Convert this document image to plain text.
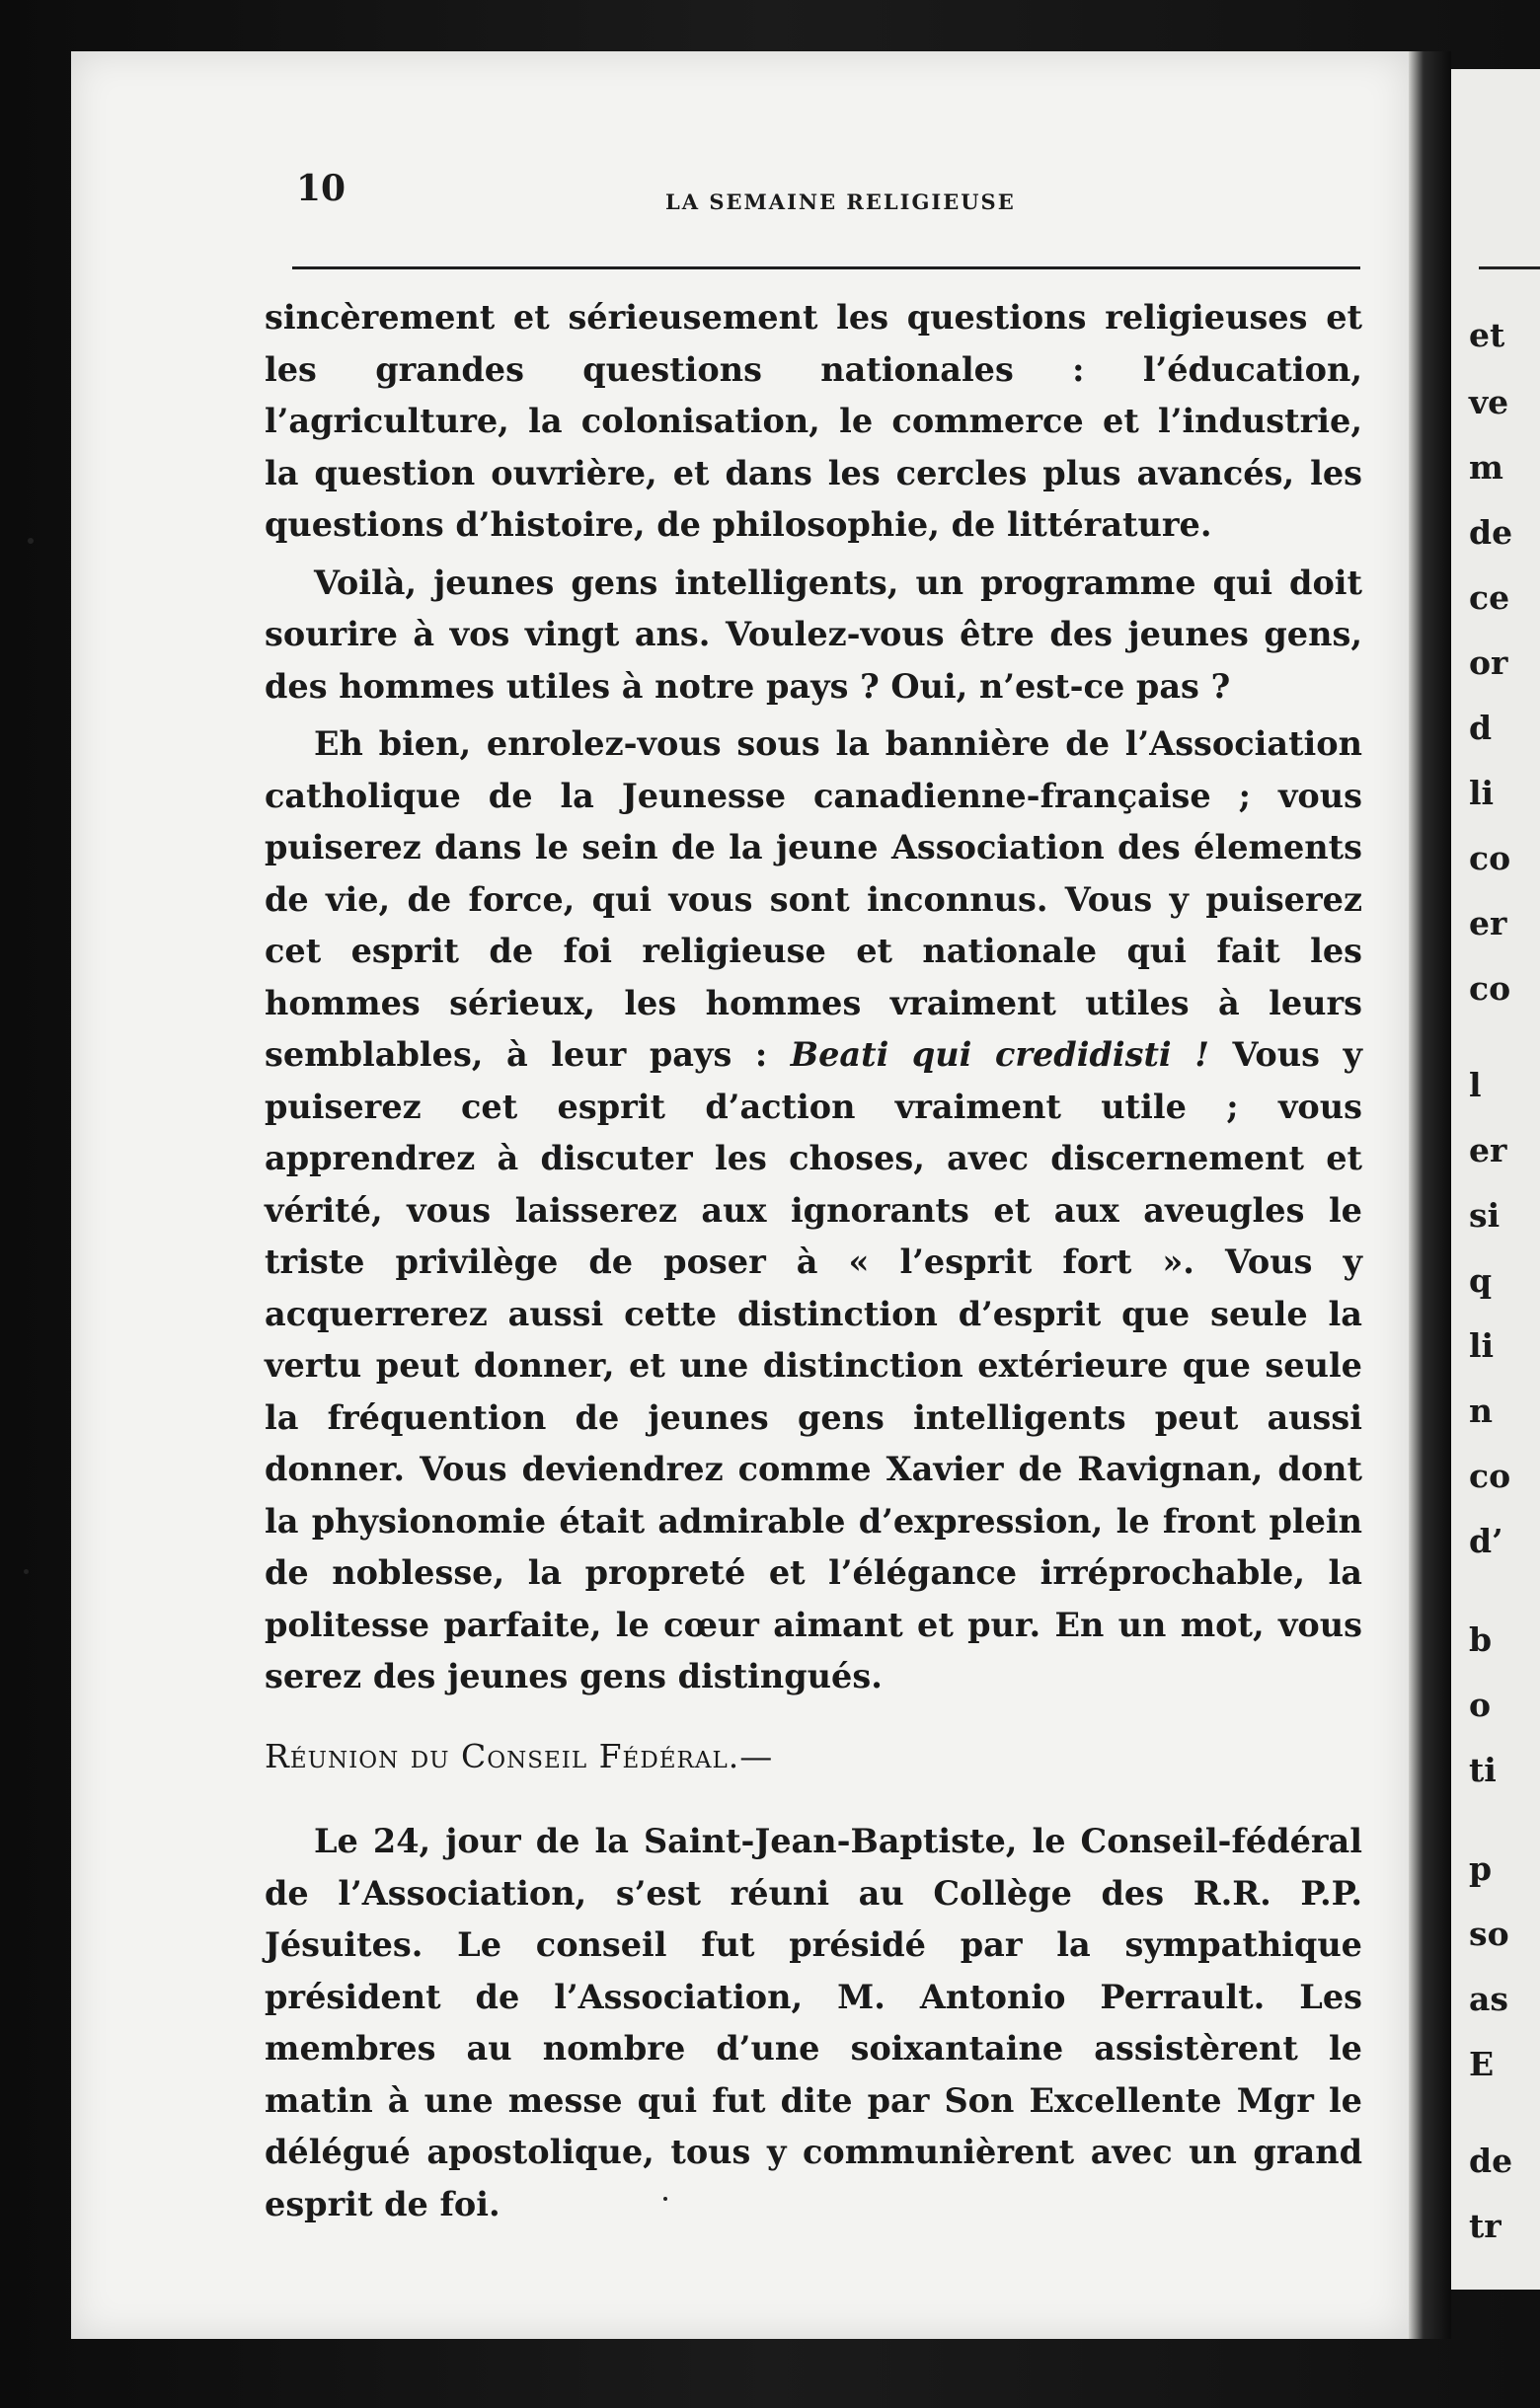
et
ve
m
de
ce
or
d
li
co
er
co
l
er
si
q
li
n
co
d’
b
o
ti
p
so
as
E
de
tr
10	LA SEMAINE RELIGIEUSE

sincèrement et sérieusement les questions religieuses et les grandes questions nationales : l’éducation, l’agriculture, la colonisation, le commerce et l’industrie, la question ouvrière, et dans les cercles plus avancés, les questions d’histoire, de philosophie, de littérature.

Voilà, jeunes gens intelligents, un programme qui doit sourire à vos vingt ans. Voulez-vous être des jeunes gens, des hommes utiles à notre pays ? Oui, n’est-ce pas ?

Eh bien, enrolez-vous sous la bannière de l’Association catholique de la Jeunesse canadienne-française ; vous puiserez dans le sein de la jeune Association des élements de vie, de force, qui vous sont inconnus. Vous y puiserez cet esprit de foi religieuse et nationale qui fait les hommes sérieux, les hommes vraiment utiles à leurs semblables, à leur pays : Beati qui credidisti ! Vous y puiserez cet esprit d’action vraiment utile ; vous apprendrez à discuter les choses, avec discernement et vérité, vous laisserez aux ignorants et aux aveugles le triste privilège de poser à « l’esprit fort ». Vous y acquerrerez aussi cette distinction d’esprit que seule la vertu peut donner, et une distinction extérieure que seule la fréquention de jeunes gens intelligents peut aussi donner. Vous deviendrez comme Xavier de Ravignan, dont la physionomie était admirable d’expression, le front plein de noblesse, la propreté et l’élégance irréprochable, la politesse parfaite, le cœur aimant et pur. En un mot, vous serez des jeunes gens distingués.

Réunion du Conseil Fédéral.—

Le 24, jour de la Saint-Jean-Baptiste, le Conseil-fédéral de l’Association, s’est réuni au Collège des R.R. P.P. Jésuites. Le conseil fut présidé par la sympathique président de l’Association, M. Antonio Perrault. Les membres au nombre d’une soixantaine assistèrent le matin à une messe qui fut dite par Son Excellente Mgr le délégué apostolique, tous y communièrent avec un grand esprit de foi.
